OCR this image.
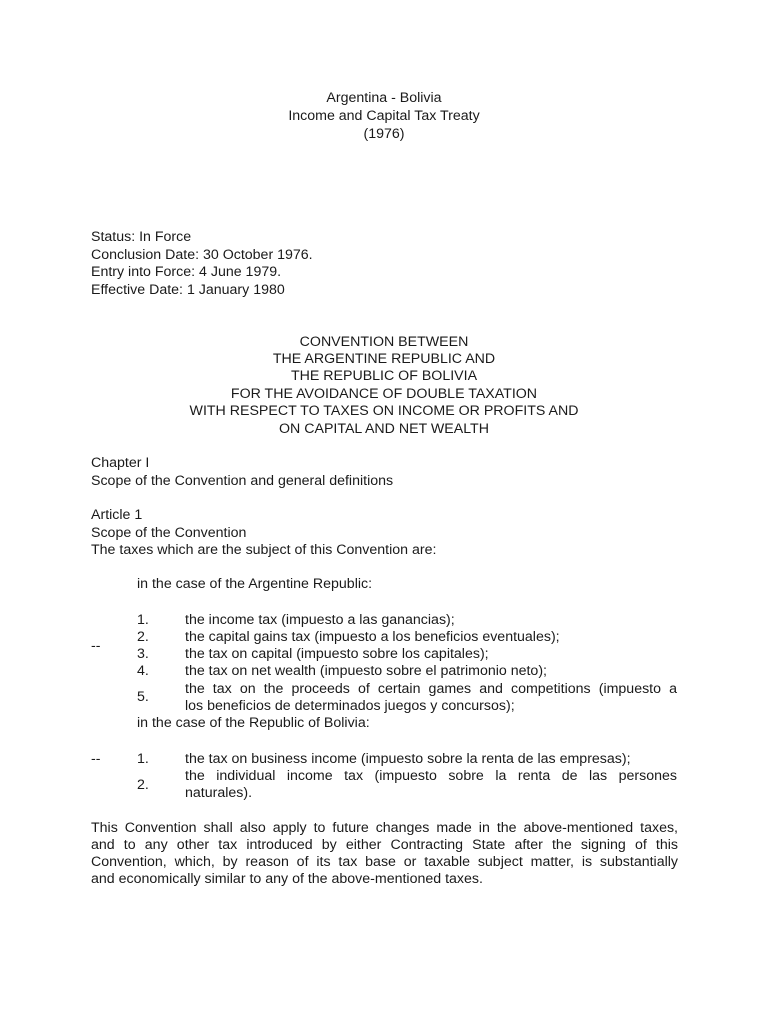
Argentina - Bolivia
Income and Capital Tax Treaty
(1976)
Status: In Force
Conclusion Date: 30 October 1976.
Entry into Force: 4 June 1979.
Effective Date: 1 January 1980
CONVENTION BETWEEN
THE ARGENTINE REPUBLIC AND
THE REPUBLIC OF BOLIVIA
FOR THE AVOIDANCE OF DOUBLE TAXATION
WITH RESPECT TO TAXES ON INCOME OR PROFITS AND
ON CAPITAL AND NET WEALTH
Chapter I
Scope of the Convention and general definitions
Article 1
Scope of the Convention
The taxes which are the subject of this Convention are:
in the case of the Argentine Republic:
--
1.	the income tax (impuesto a las ganancias);
2.	the capital gains tax (impuesto a los beneficios eventuales);
3.	the tax on capital (impuesto sobre los capitales);
4.	the tax on net wealth (impuesto sobre el patrimonio neto);
5.	the tax on the proceeds of certain games and competitions (impuesto a
los beneficios de determinados juegos y concursos);
in the case of the Republic of Bolivia:
--	1.	the tax on business income (impuesto sobre la renta de las empresas);
2.
the individual income tax (impuesto sobre la renta de las persones
naturales).
This Convention shall also apply to future changes made in the above-mentioned taxes,
and to any other tax introduced by either Contracting State after the signing of this
Convention, which, by reason of its tax base or taxable subject matter, is substantially
and economically similar to any of the above-mentioned taxes.
